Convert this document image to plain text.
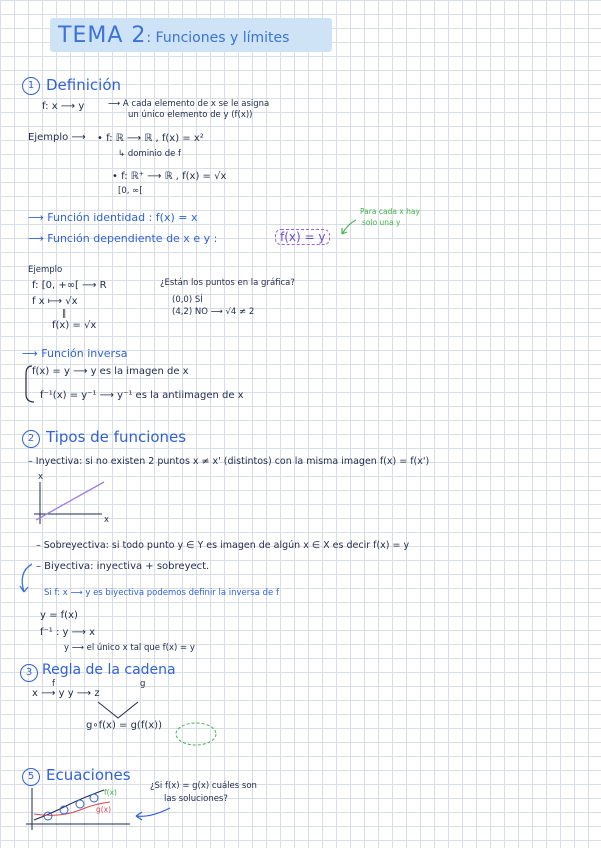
TEMA 2: Funciones y límites
1 Definición
f: x ⟶ y	⟶ A cada elemento de x se le asigna
un único elemento de y (f(x))
Ejemplo ⟶ • f: ℝ ⟶ ℝ , f(x) = x²
↳ dominio de f
• f: ℝ⁺ ⟶ ℝ , f(x) = √x
[0, ∞[
⟶ Función identidad : f(x) = x
⟶ Función dependiente de x e y :	f(x) = y
Para cada x hay
solo una y
Ejemplo
f: [0, +∞[ ⟶ R
f x ⟼ √x
‖
f(x) = √x
¿Están los puntos en la gráfica?
(0,0) SÍ
(4,2) NO ⟶ √4 ≠ 2
⟶ Función inversa
f(x) = y ⟶ y es la imagen de x
f⁻¹(x) = y⁻¹ ⟶ y⁻¹ es la antiimagen de x
2 Tipos de funciones
– Inyectiva: si no existen 2 puntos x ≠ x' (distintos) con la misma imagen f(x) = f(x')
x
x
– Sobreyectiva: si todo punto y ∈ Y es imagen de algún x ∈ X es decir f(x) = y
– Biyectiva: inyectiva + sobreyect.
Si f: x ⟶ y es biyectiva podemos definir la inversa de f
y = f(x)
f⁻¹ : y ⟶ x
y ⟶ el único x tal que f(x) = y
3 Regla de la cadena
x ⟶ y y ⟶ z
f	g
g∘f(x) = g(f(x))
5 Ecuaciones
¿Si f(x) = g(x) cuáles son
las soluciones?
f(x)
g(x)
